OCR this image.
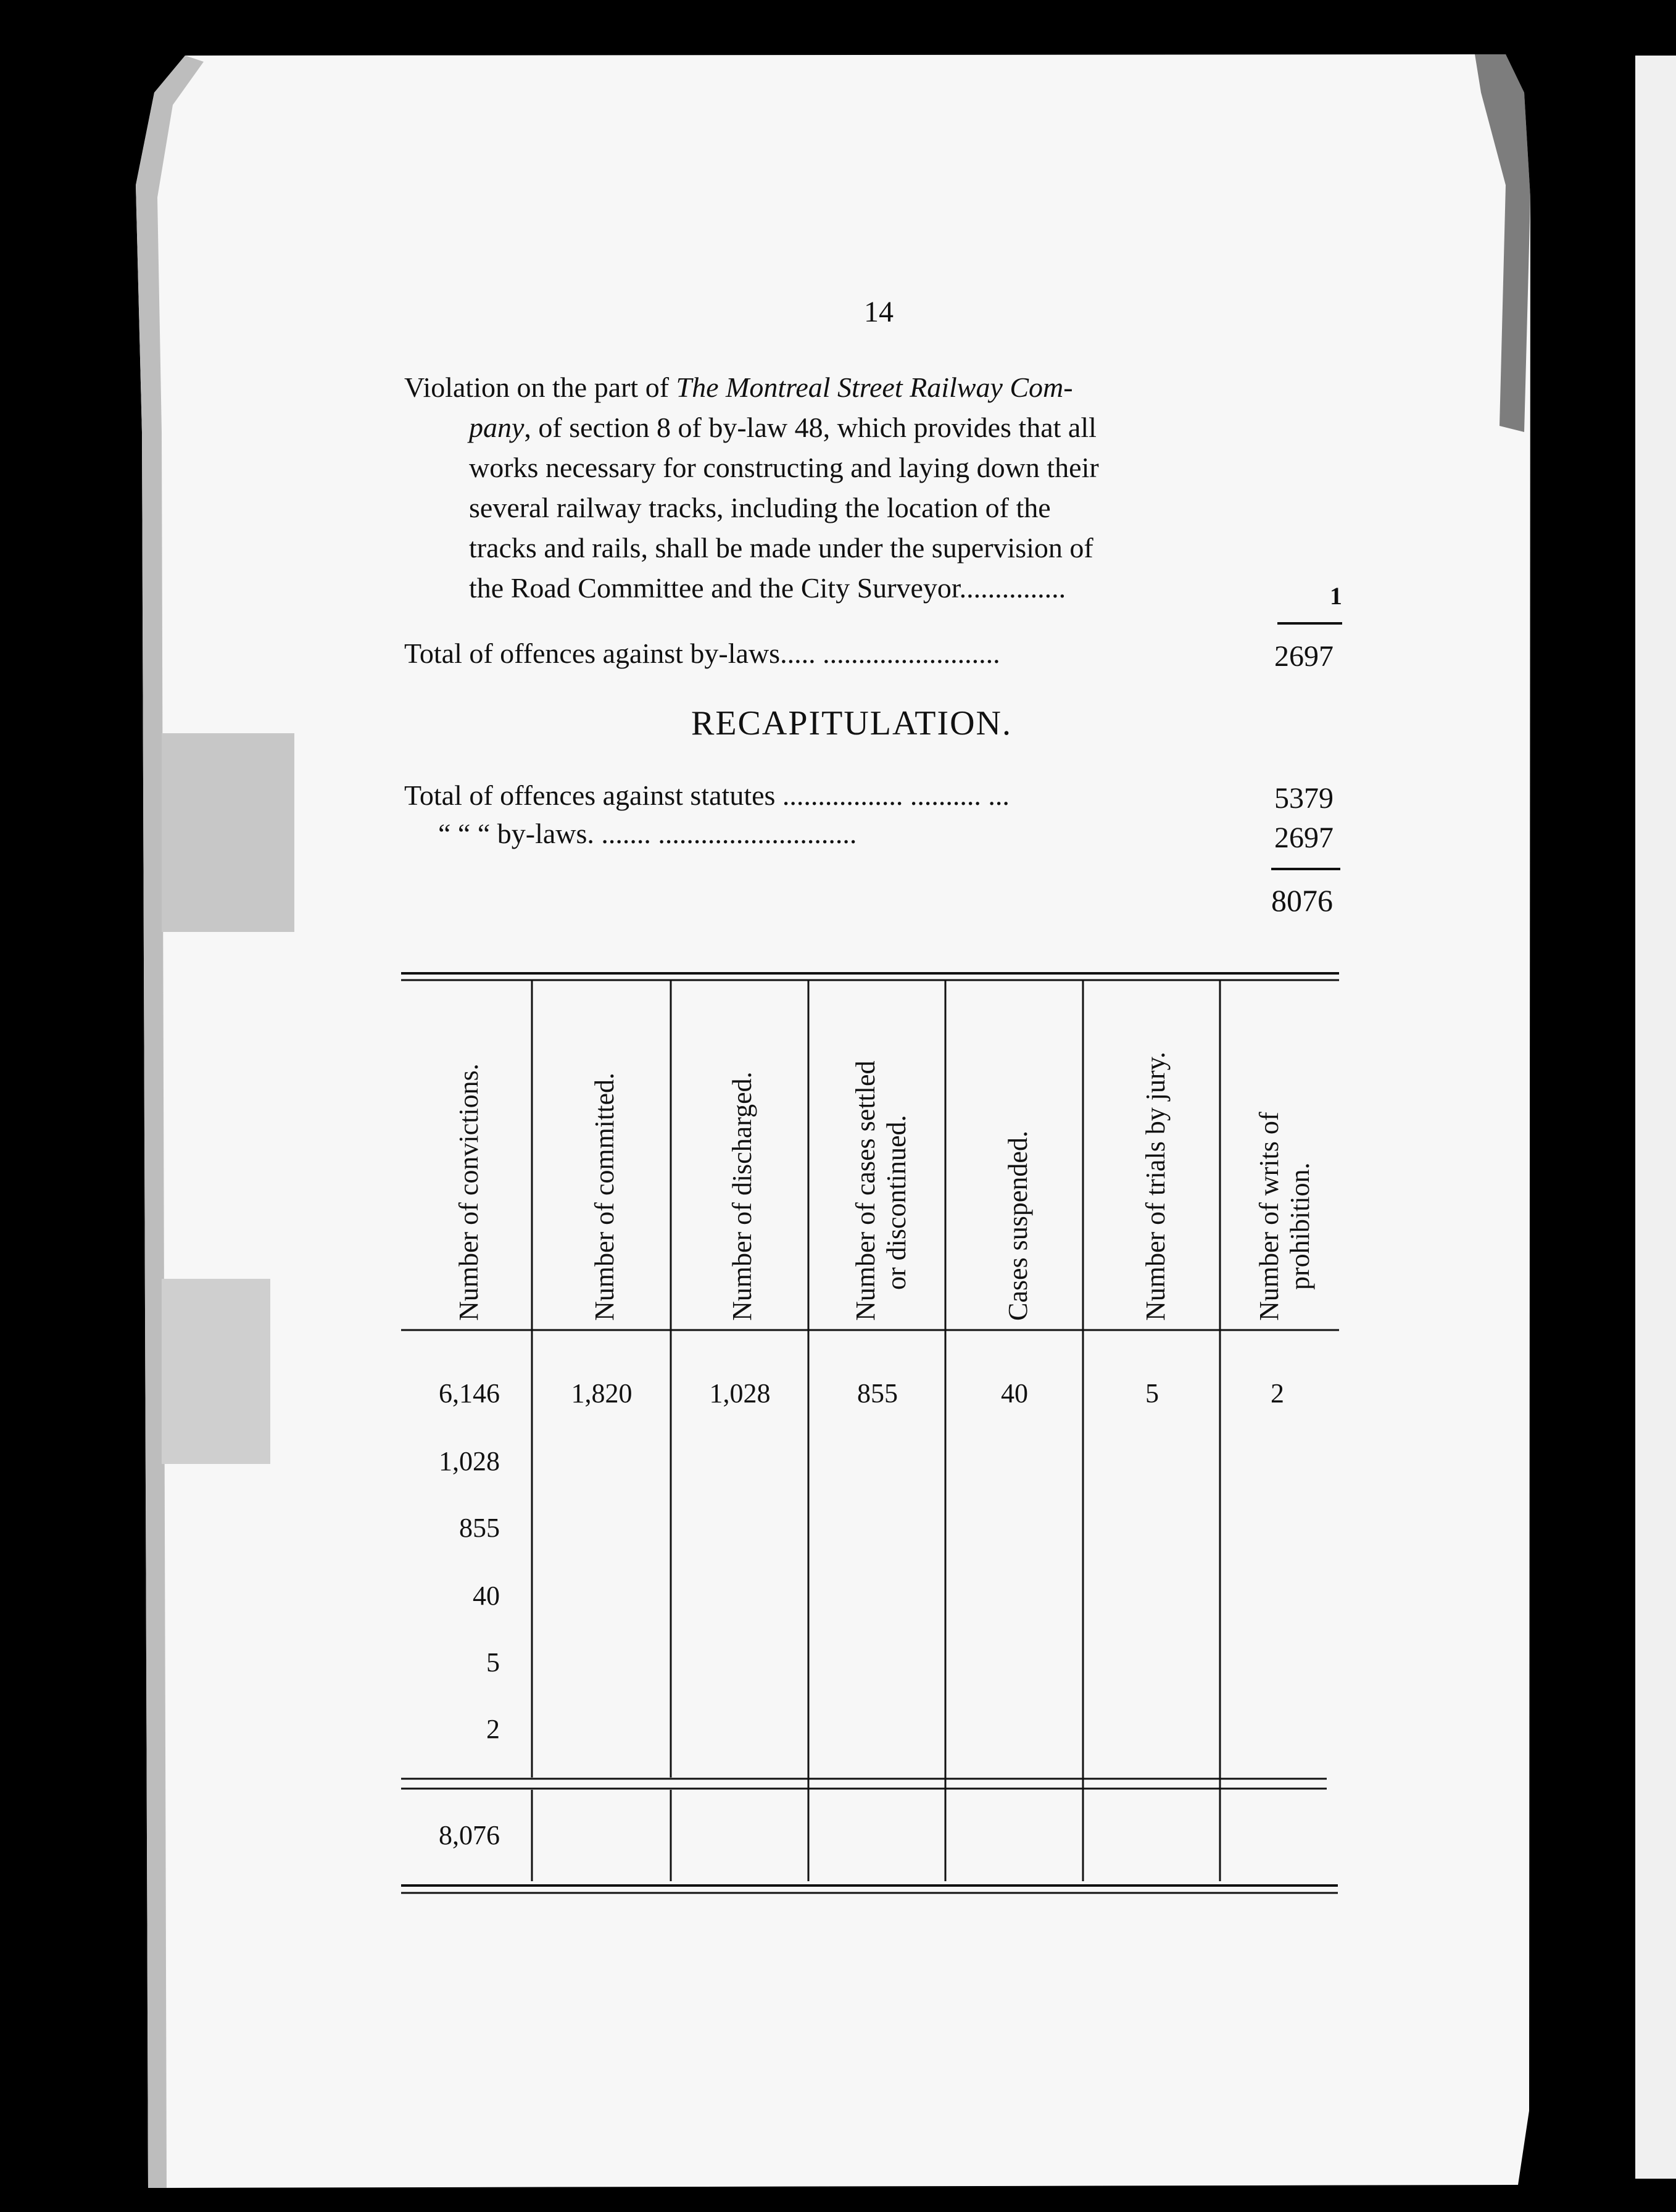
14
Violation on the part of The Montreal Street Railway Com-
pany, of section 8 of by-law 48, which provides that all
works necessary for constructing and laying down their
several railway tracks, including the location of the
tracks and rails, shall be made under the supervision of
the Road Committee and the City Surveyor...............	1
Total of offences against by-laws..... .........................	2697
RECAPITULATION.
Total of offences against statutes ................. .......... ...	5379
“ “ “ by-laws. ....... ............................	2697
8076
Number of convictions.	Number of committed.	Number of discharged.	Number of cases settled or discontinued.	Cases suspended.	Number of trials by jury.	Number of writs of prohibition.
6,146	1,820	1,028	855	40	5	2
1,028
855
40
5
2
8,076
